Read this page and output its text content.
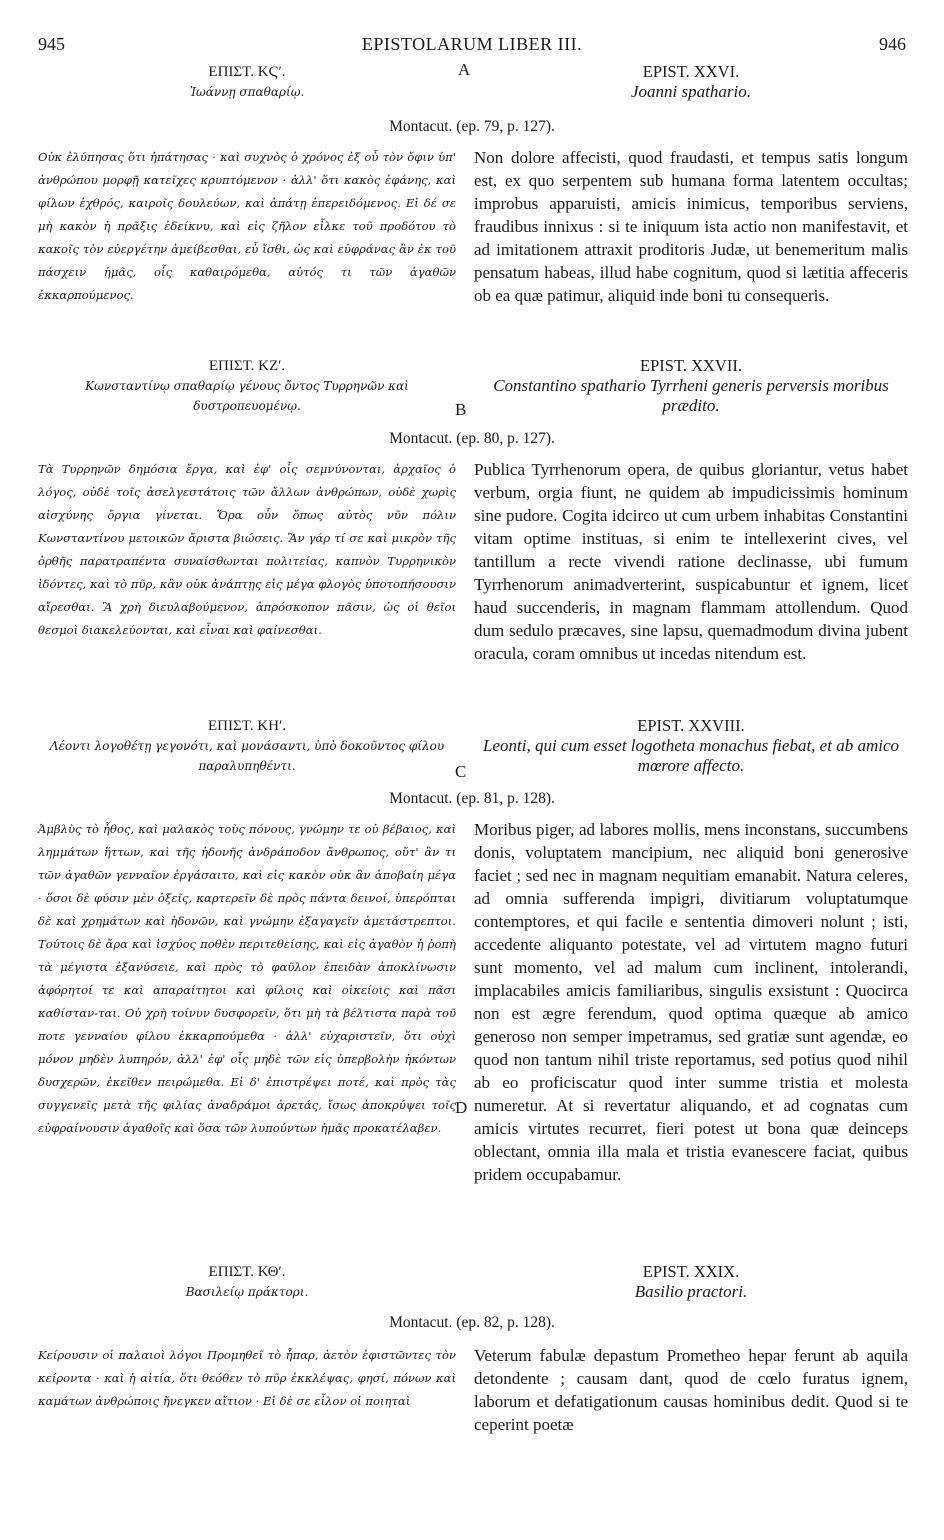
945	EPISTOLARUM LIBER III.	946
ΕΠΙΣΤ. ΚϚʹ.
Ἰωάννῃ σπαθαρίῳ.
EPIST. XXVI.
Joanni spathario.
Montacut. (ep. 79, p. 127).

Οὐκ ἐλύπησας ὅτι ἠπάτησας · καὶ συχνὸς ὁ χρόνος ἐξ οὗ τὸν ὄφιν ὑπ' ἀνθρώπου μορφῇ κατεῖχες κρυπτόμενον · ἀλλ' ὅτι κακὸς ἐφάνης, καὶ φίλων ἐχθρός, καιροῖς δουλεύων, καὶ ἀπάτῃ ἐπερειδόμενος. Εἰ δέ σε μὴ κακὸν ἡ πρᾶξις ἐδείκνυ, καὶ εἰς ζῆλον εἷλκε τοῦ προδότου τὸ κακοῖς τὸν εὐεργέτην ἀμείβεσθαι, εὖ ἴσθι, ὡς καὶ εὐφράνας ἂν ἐκ τοῦ πάσχειν ἡμᾶς, οἷς καθαιρόμεθα, αὐτός τι τῶν ἀγαθῶν ἐκκαρπούμενος.

Non dolore affecisti, quod fraudasti, et tempus satis longum est, ex quo serpentem sub humana forma latentem occultas; improbus apparuisti, amicis inimicus, temporibus serviens, fraudibus innixus : si te iniquum ista actio non manifestavit, et ad imitationem attraxit proditoris Judæ, ut benemeritum malis pensatum habeas, illud habe cognitum, quod si lætitia affeceris ob ea quæ patimur, aliquid inde boni tu consequeris.

ΕΠΙΣΤ. ΚΖʹ.
Κωνσταντίνῳ σπαθαρίῳ γένους ὄντος Τυρρηνῶν καὶ δυστροπευομένῳ.
EPIST. XXVII.
Constantino spathario Tyrrheni generis perversis moribus prædito.
Montacut. (ep. 80, p. 127).

Τὰ Τυρρηνῶν δημόσια ἔργα, καὶ ἐφ' οἷς σεμνύνονται, ἀρχαῖος ὁ λόγος, οὐδὲ τοῖς ἀσελγεστάτοις τῶν ἄλλων ἀνθρώπων, οὐδὲ χωρὶς αἰσχύνης ὄργια γίνεται. Ὅρα οὖν ὅπως αὐτὸς νῦν πόλιν Κωνσταντίνου μετοικῶν ἄριστα βιώσεις. Ἂν γάρ τί σε καὶ μικρὸν τῆς ὀρθῆς παρατραπέντα συναίσθωνται πολιτείας, καπνὸν Τυρρηνικὸν ἰδόντες, καὶ τὸ πῦρ, κἂν οὐκ ἀνάπτῃς εἰς μέγα φλογὸς ὑποτοπήσουσιν αἴρεσθαι. Ἃ χρὴ διευλαβούμενον, ἀπρόσκοπον πᾶσιν, ὡς οἱ θεῖοι θεσμοὶ διακελεύονται, καὶ εἶναι καὶ φαίνεσθαι.

Publica Tyrrhenorum opera, de quibus gloriantur, vetus habet verbum, orgia fiunt, ne quidem ab impudicissimis hominum sine pudore. Cogita idcirco ut cum urbem inhabitas Constantini vitam optime instituas, si enim te intellexerint cives, vel tantillum a recte vivendi ratione declinasse, ubi fumum Tyrrhenorum animadverterint, suspicabuntur et ignem, licet haud succenderis, in magnam flammam attollendum. Quod dum sedulo præcaves, sine lapsu, quemadmodum divina jubent oracula, coram omnibus ut incedas nitendum est.

ΕΠΙΣΤ. ΚΗʹ.
Λέοντι λογοθέτῃ γεγονότι, καὶ μονάσαντι, ὑπὸ δοκοῦντος φίλου παραλυπηθέντι.
EPIST. XXVIII.
Leonti, qui cum esset logotheta monachus fiebat, et ab amico mœrore affecto.
Montacut. (ep. 81, p. 128).

Ἀμβλὺς τὸ ἦθος, καὶ μαλακὸς τοὺς πόνους, γνώμην τε οὐ βέβαιος, καὶ λημμάτων ἥττων, καὶ τῆς ἡδονῆς ἀνδράποδον ἄνθρωπος, οὔτ' ἂν τι τῶν ἀγαθῶν γενναῖον ἐργάσαιτο, καὶ εἰς κακὸν οὐκ ἂν ἀποβαίη μέγα · ὅσοι δὲ φύσιν μὲν ὀξεῖς, καρτερεῖν δὲ πρὸς πάντα δεινοί, ὑπερόπται δὲ καὶ χρημάτων καὶ ἡδονῶν, καὶ γνώμην ἐξαγαγεῖν ἀμετάστρεπτοι. Τούτοις δὲ ἄρα καὶ ἰσχύος ποθὲν περιτεθείσης, καὶ εἰς ἀγαθὸν ἡ ῥοπὴ τὰ μέγιστα ἐξανύσειε, καὶ πρὸς τὸ φαῦλον ἐπειδὰν ἀποκλίνωσιν ἀφόρητοί τε καὶ απαραίτητοι καὶ φίλοις καὶ οἰκείοις καὶ πᾶσι καθίσταν-ται. Οὐ χρὴ τοίνυν δυσφορεῖν, ὅτι μὴ τὰ βέλτιστα παρὰ τοῦ ποτε γενναίου φίλου ἐκκαρπούμεθα · ἀλλ' εὐχαριστεῖν, ὅτι οὐχὶ μόνον μηδὲν λυπηρόν, ἀλλ' ἐφ' οἷς μηδὲ τῶν εἰς ὑπερβολὴν ἡκόντων δυσχερῶν, ἐκεῖθεν πειρώμεθα. Εἰ δ' ἐπιστρέψει ποτέ, καὶ πρὸς τὰς συγγενεῖς μετὰ τῆς φιλίας ἀναδράμοι ἀρετάς, ἴσως ἀποκρύψει τοῖς εὐφραίνουσιν ἀγαθοῖς καὶ ὅσα τῶν λυπούντων ἡμᾶς προκατέλαβεν.

Moribus piger, ad labores mollis, mens inconstans, succumbens donis, voluptatem mancipium, nec aliquid boni generosive faciet ; sed nec in magnam nequitiam emanabit. Natura celeres, ad omnia sufferenda impigri, divitiarum voluptatumque contemptores, et qui facile e sententia dimoveri nolunt ; isti, accedente aliquanto potestate, vel ad virtutem magno futuri sunt momento, vel ad malum cum inclinent, intolerandi, implacabiles amicis familiaribus, singulis exsistunt : Quocirca non est ægre ferendum, quod optima quæque ab amico generoso non semper impetramus, sed gratiæ sunt agendæ, eo quod non tantum nihil triste reportamus, sed potius quod nihil ab eo proficiscatur quod inter summe tristia et molesta numeretur. At si revertatur aliquando, et ad cognatas cum amicis virtutes recurret, fieri potest ut bona quæ deinceps oblectant, omnia illa mala et tristia evanescere faciat, quibus pridem occupabamur.

ΕΠΙΣΤ. ΚΘʹ.
Βασιλείῳ πράκτορι.
EPIST. XXIX.
Basilio practori.
Montacut. (ep. 82, p. 128).

Κείρουσιν οἱ παλαιοὶ λόγοι Προμηθεῖ τὸ ἧπαρ, ἀετὸν ἐφιστῶντες τὸν κείροντα · καὶ ἡ αἰτία, ὅτι θεόθεν τὸ πῦρ ἐκκλέψας, φησί, πόνων καὶ καμάτων ἀνθρώποις ἤνεγκεν αἴτιον · Εἰ δὲ σε εἶλον οἱ ποιηταὶ

Veterum fabulæ depastum Prometheo hepar ferunt ab aquila detondente ; causam dant, quod de cœlo furatus ignem, laborum et defatigationum causas hominibus dedit. Quod si te ceperint poetæ

A
B
C
D
